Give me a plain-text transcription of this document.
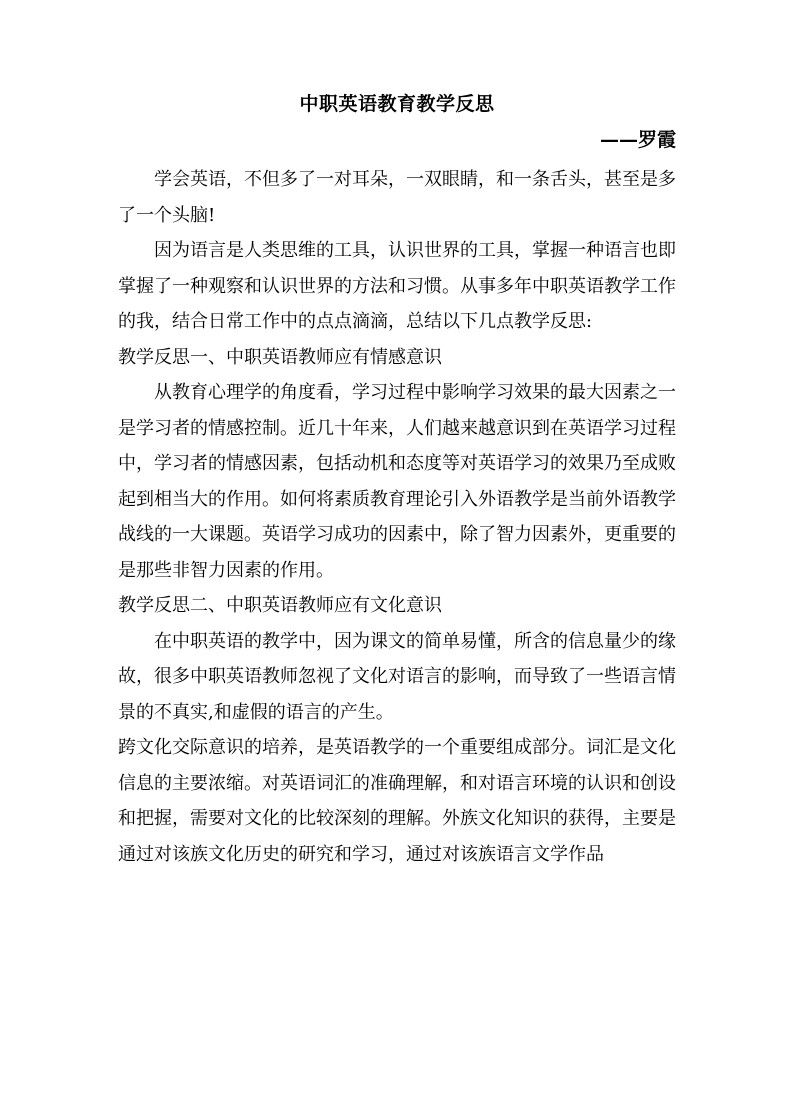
中职英语教育教学反思
——罗霞

学会英语，不但多了一对耳朵，一双眼睛，和一条舌头，甚至是多了一个头脑!

因为语言是人类思维的工具，认识世界的工具，掌握一种语言也即掌握了一种观察和认识世界的方法和习惯。从事多年中职英语教学工作的我，结合日常工作中的点点滴滴，总结以下几点教学反思:

教学反思一、中职英语教师应有情感意识

从教育心理学的角度看，学习过程中影响学习效果的最大因素之一是学习者的情感控制。近几十年来，人们越来越意识到在英语学习过程中，学习者的情感因素，包括动机和态度等对英语学习的效果乃至成败起到相当大的作用。如何将素质教育理论引入外语教学是当前外语教学战线的一大课题。英语学习成功的因素中，除了智力因素外，更重要的是那些非智力因素的作用。

教学反思二、中职英语教师应有文化意识

在中职英语的教学中，因为课文的简单易懂，所含的信息量少的缘故，很多中职英语教师忽视了文化对语言的影响，而导致了一些语言情景的不真实,和虚假的语言的产生。

跨文化交际意识的培养，是英语教学的一个重要组成部分。词汇是文化信息的主要浓缩。对英语词汇的准确理解，和对语言环境的认识和创设和把握，需要对文化的比较深刻的理解。外族文化知识的获得，主要是通过对该族文化历史的研究和学习，通过对该族语言文学作品
